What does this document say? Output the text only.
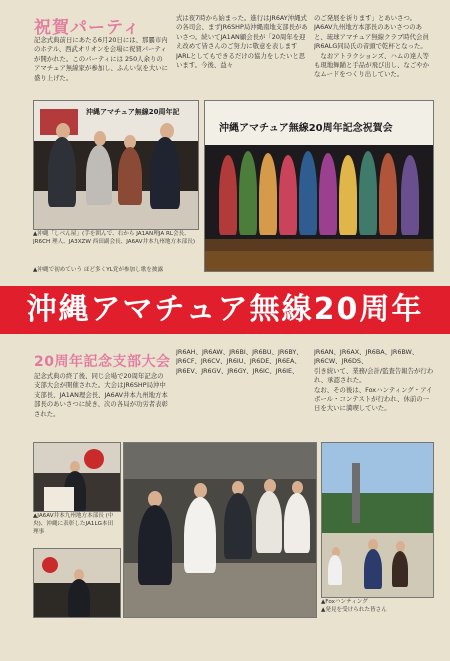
祝賀パーティ
記念式典前日にあたる6月20日には、那覇市内のホテル、西武オリオンを会場に祝賀パーティが開かれた。このパーティには 250人余りのアマチュア無線家が参加し、ふんい気を大いに盛り上げた。
式は夜7時から始まった。進行はJR6AY沖縄式の各司会、まずJR6SHP局沖縄南地支部長があいさつ。続いてJA1AN顧会長が「20周年を迎え改めて皆さんのご努力に敬意を表します JARLとしてもできるだけの協力をしたいと思います。今後、益々
のご発展を祈ります」とあいさつ。JA6AV九州地方本部長のあいさつのあと、琉球アマチュア無線クラブ時代会員JR6ALG同局氏の音頭で乾杯となった。
　なおアトラクションズ、ハムの達人等も現地舞踊と手品が飛び出し、なごやかなムードをつくり出していた。
沖縄アマチュア無線20周年記
沖縄アマチュア無線20周年記念祝賀会
▲沖縄「しべん屋」(手を囲んで、右から JA1AN理JA RL会長、JR6CH 理人、JA3XZW 西田副会長、JA6AV井本九州地方本部長)
▲沖縄で初めていう ほど多くYL党が参加し歌を披露
沖縄アマチュア無線20周年
20周年記念支部大会
記念式典の終了後、同じ会場で20周年記念の支部大会が開催された。大会はJR6SHP局沖中支部長、JA1AN理会長、JA6AV井本九州地方本部長のあいさつに続き、次の各局が功労者表彰された。
JR6AH、JR6AW、JR6BI、JR6BU、JR6BY、JR6CF、JR6CV、JR6IU、JR6DE、JR6EA、JR6EV、JR6GV、JR6GY、JR6IC、JR6IE、
JR6AN、JR6AX、JR6BA、JR6BW、JR6CW、JR6DS、
引き続いて、業務/会計/監査告報告が行われ、承認された。
なお、その後は、Foxハンティング・アイボール・コンテストが行われ、休前の一日を大いに満喫していた。
▲JA6AV井本九州地方本部長 (中央)、沖縄に表彰したJA1LG本田 理事
▲Foxハンティング
▲発見を受けられた皆さん
